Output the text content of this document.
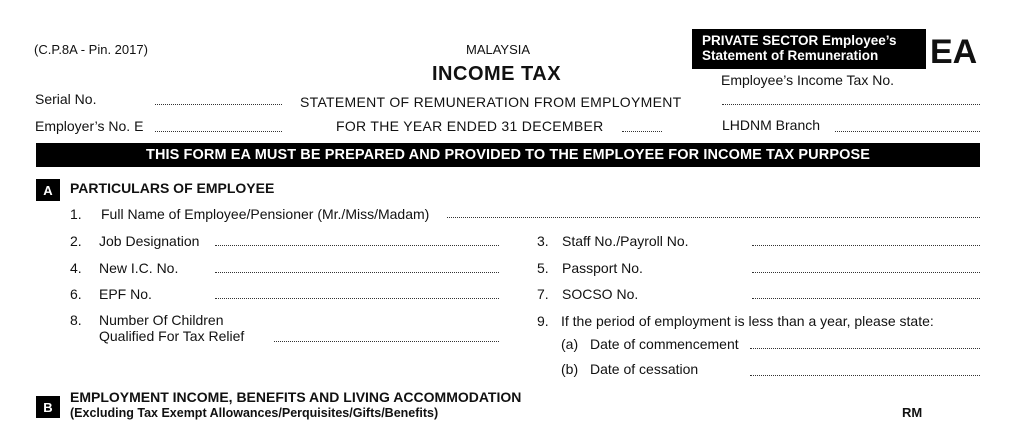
(C.P.8A - Pin. 2017)	MALAYSIA
INCOME TAX
PRIVATE SECTOR Employee’s
Statement of Remuneration	EA
Serial No.	STATEMENT OF REMUNERATION FROM EMPLOYMENT
Employee’s Income Tax No.
Employer’s No. E	FOR THE YEAR ENDED 31 DECEMBER	LHDNM Branch
THIS FORM EA MUST BE PREPARED AND PROVIDED TO THE EMPLOYEE FOR INCOME TAX PURPOSE
A	PARTICULARS OF EMPLOYEE
1. Full Name of Employee/Pensioner (Mr./Miss/Madam)
2. Job Designation	3. Staff No./Payroll No.
4. New I.C. No.	5. Passport No.
6. EPF No.	7. SOCSO No.
8. Number Of Children
Qualified For Tax Relief
9. If the period of employment is less than a year, please state:
(a) Date of commencement
(b) Date of cessation
B
EMPLOYMENT INCOME, BENEFITS AND LIVING ACCOMMODATION
(Excluding Tax Exempt Allowances/Perquisites/Gifts/Benefits)	RM
